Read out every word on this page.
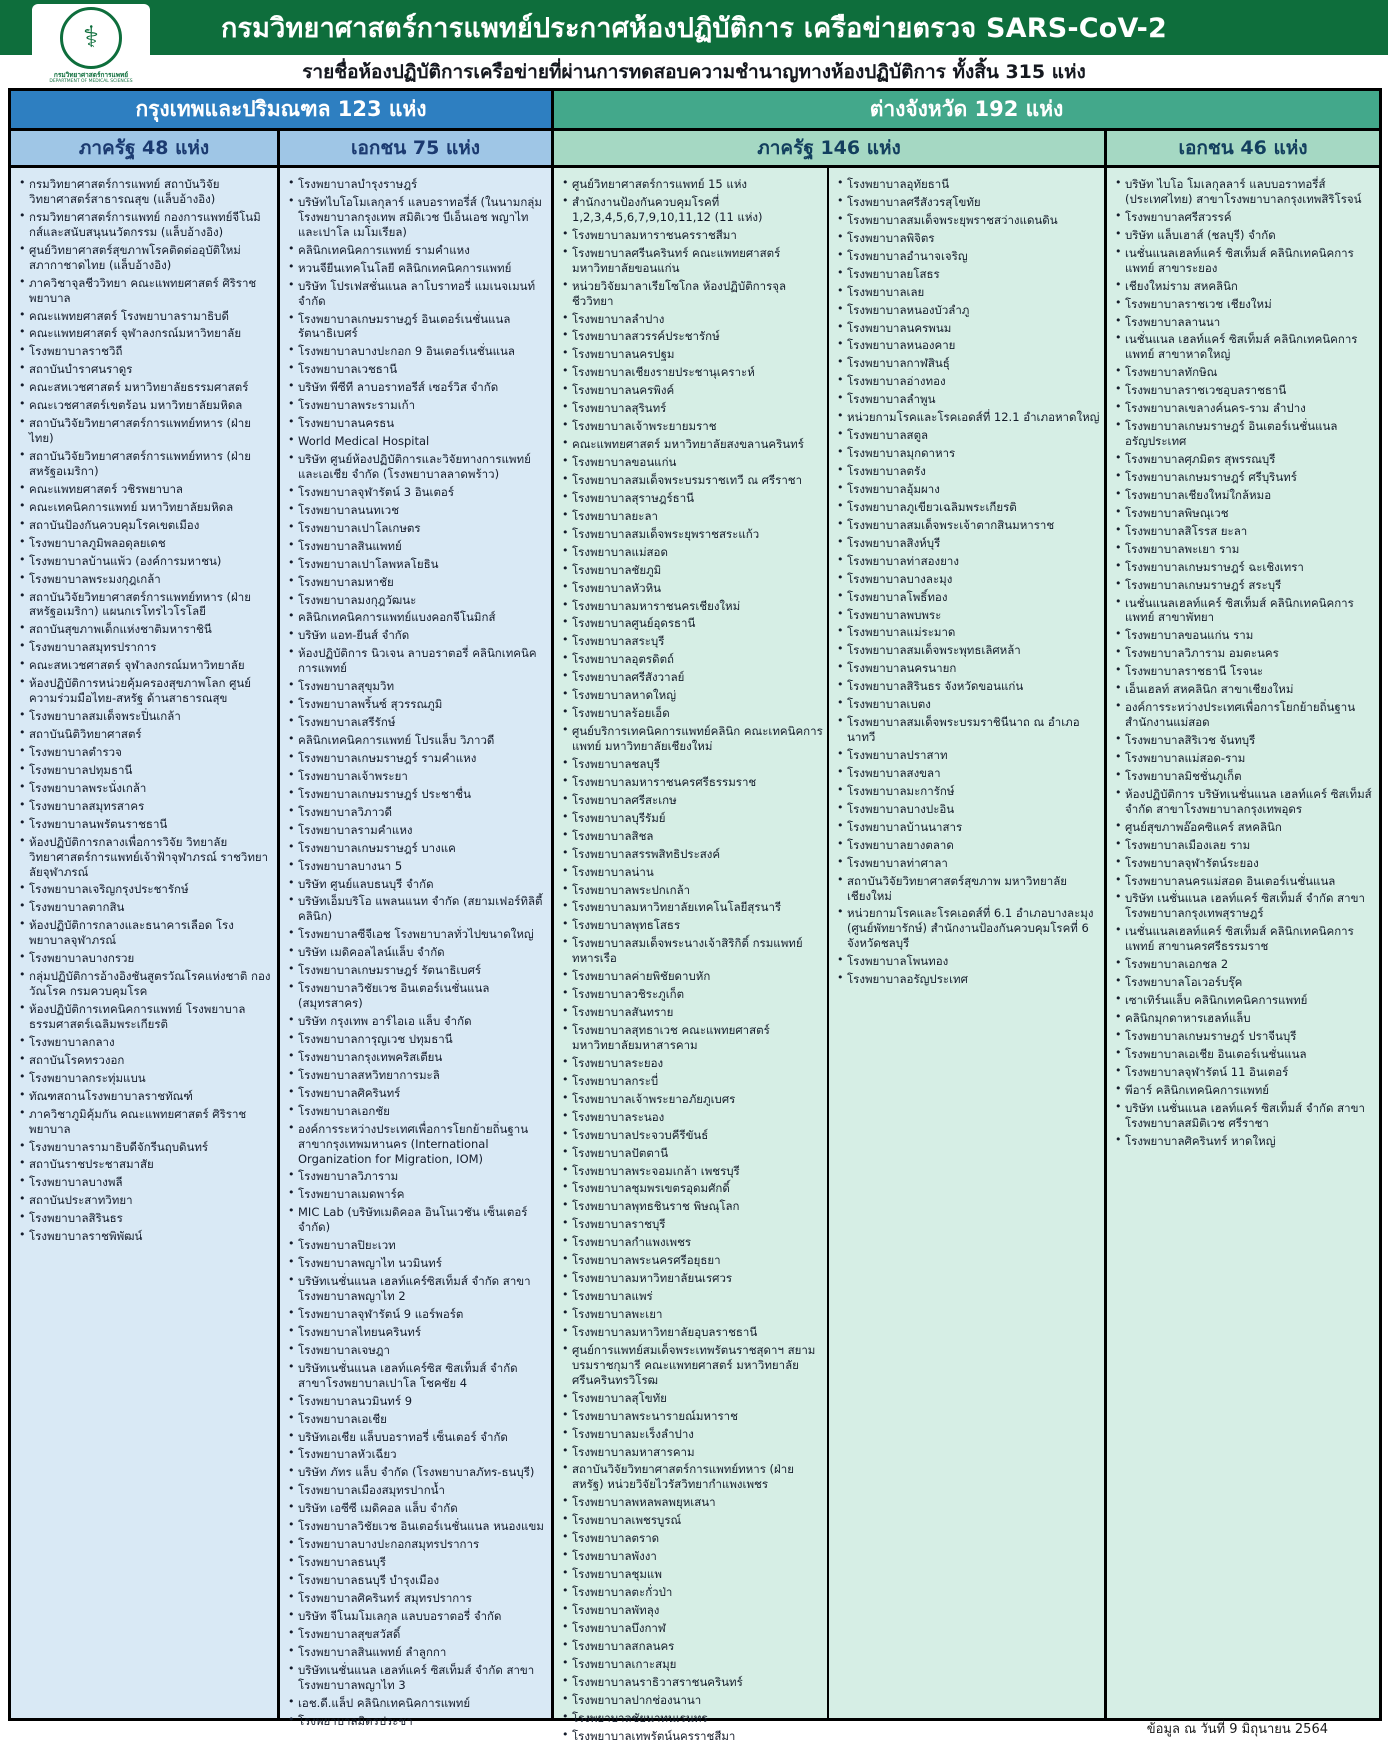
⚕
กรมวิทยาศาสตร์การแพทย์
DEPARTMENT OF MEDICAL SCIENCES
กรมวิทยาศาสตร์การแพทย์ประกาศห้องปฏิบัติการ เครือข่ายตรวจ SARS-CoV-2
รายชื่อห้องปฏิบัติการเครือข่ายที่ผ่านการทดสอบความชำนาญทางห้องปฏิบัติการ ทั้งสิ้น 315 แห่ง
กรุงเทพและปริมณฑล 123 แห่ง	ต่างจังหวัด 192 แห่ง
ภาครัฐ 48 แห่ง	เอกชน 75 แห่ง	ภาครัฐ 146 แห่ง	เอกชน 46 แห่ง
• กรมวิทยาศาสตร์การแพทย์ สถาบันวิจัยวิทยาศาสตร์สาธารณสุข (แล็บอ้างอิง)
• กรมวิทยาศาสตร์การแพทย์ กองการแพทย์จีโนมิกส์และสนับสนุนนวัตกรรม (แล็บอ้างอิง)
• ศูนย์วิทยาศาสตร์สุขภาพโรคติดต่ออุบัติใหม่ สภากาชาดไทย (แล็บอ้างอิง)
• ภาควิชาจุลชีววิทยา คณะแพทยศาสตร์ ศิริราชพยาบาล
• คณะแพทยศาสตร์ โรงพยาบาลรามาธิบดี
• คณะแพทยศาสตร์ จุฬาลงกรณ์มหาวิทยาลัย
• โรงพยาบาลราชวิถี
• สถาบันบำราศนราดูร
• คณะสหเวชศาสตร์ มหาวิทยาลัยธรรมศาสตร์
• คณะเวชศาสตร์เขตร้อน มหาวิทยาลัยมหิดล
• สถาบันวิจัยวิทยาศาสตร์การแพทย์ทหาร (ฝ่ายไทย)
• สถาบันวิจัยวิทยาศาสตร์การแพทย์ทหาร (ฝ่ายสหรัฐอเมริกา)
• คณะแพทยศาสตร์ วชิรพยาบาล
• คณะเทคนิคการแพทย์ มหาวิทยาลัยมหิดล
• สถาบันป้องกันควบคุมโรคเขตเมือง
• โรงพยาบาลภูมิพลอดุลยเดช
• โรงพยาบาลบ้านแพ้ว (องค์การมหาชน)
• โรงพยาบาลพระมงกุฎเกล้า
• สถาบันวิจัยวิทยาศาสตร์การแพทย์ทหาร (ฝ่ายสหรัฐอเมริกา) แผนกเรโทรไวโรโลยี
• สถาบันสุขภาพเด็กแห่งชาติมหาราชินี
• โรงพยาบาลสมุทรปราการ
• คณะสหเวชศาสตร์ จุฬาลงกรณ์มหาวิทยาลัย
• ห้องปฏิบัติการหน่วยคุ้มครองสุขภาพโลก ศูนย์ความร่วมมือไทย-สหรัฐ ด้านสาธารณสุข
• โรงพยาบาลสมเด็จพระปิ่นเกล้า
• สถาบันนิติวิทยาศาสตร์
• โรงพยาบาลตำรวจ
• โรงพยาบาลปทุมธานี
• โรงพยาบาลพระนั่งเกล้า
• โรงพยาบาลสมุทรสาคร
• โรงพยาบาลนพรัตนราชธานี
• ห้องปฏิบัติการกลางเพื่อการวิจัย วิทยาลัยวิทยาศาสตร์การแพทย์เจ้าฟ้าจุฬาภรณ์ ราชวิทยาลัยจุฬาภรณ์
• โรงพยาบาลเจริญกรุงประชารักษ์
• โรงพยาบาลตากสิน
• ห้องปฏิบัติการกลางและธนาคารเลือด โรงพยาบาลจุฬาภรณ์
• โรงพยาบาลบางกรวย
• กลุ่มปฏิบัติการอ้างอิงชันสูตรวัณโรคแห่งชาติ กองวัณโรค กรมควบคุมโรค
• ห้องปฏิบัติการเทคนิคการแพทย์ โรงพยาบาลธรรมศาสตร์เฉลิมพระเกียรติ
• โรงพยาบาลกลาง
• สถาบันโรคทรวงอก
• โรงพยาบาลกระทุ่มแบน
• ทัณฑสถานโรงพยาบาลราชทัณฑ์
• ภาควิชาภูมิคุ้มกัน คณะแพทยศาสตร์ ศิริราชพยาบาล
• โรงพยาบาลรามาธิบดีจักรีนฤบดินทร์
• สถาบันราชประชาสมาสัย
• โรงพยาบาลบางพลี
• สถาบันประสาทวิทยา
• โรงพยาบาลสิรินธร
• โรงพยาบาลราชพิพัฒน์
• โรงพยาบาลบำรุงราษฎร์
• บริษัทไบโอโมเลกุลาร์ แลบอราทอรี่ส์ (ในนามกลุ่มโรงพยาบาลกรุงเทพ สมิติเวช บีเอ็นเอช พญาไท และเปาโล เมโมเรียล)
• คลินิกเทคนิคการแพทย์ รามคำแหง
• หวนจียีนเทคโนโลยี คลินิกเทคนิคการแพทย์
• บริษัท โปรเฟสชั่นแนล ลาโบราทอรี่ แมเนจเมนท์ จำกัด
• โรงพยาบาลเกษมราษฎร์ อินเตอร์เนชั่นแนล รัตนาธิเบศร์
• โรงพยาบาลบางปะกอก 9 อินเตอร์เนชั่นแนล
• โรงพยาบาลเวชธานี
• บริษัท พีซีที ลาบอราทอรีส์ เซอร์วิส จำกัด
• โรงพยาบาลพระรามเก้า
• โรงพยาบาลนครธน
• World Medical Hospital
• บริษัท ศูนย์ห้องปฏิบัติการและวิจัยทางการแพทย์และเอเชีย จำกัด (โรงพยาบาลลาดพร้าว)
• โรงพยาบาลจุฬารัตน์ 3 อินเตอร์
• โรงพยาบาลนนทเวช
• โรงพยาบาลเปาโลเกษตร
• โรงพยาบาลสินแพทย์
• โรงพยาบาลเปาโลพหลโยธิน
• โรงพยาบาลมหาชัย
• โรงพยาบาลมงกุฎวัฒนะ
• คลินิกเทคนิคการแพทย์แบงคอกจีโนมิกส์
• บริษัท แอท-ยีนส์ จำกัด
• ห้องปฏิบัติการ นิวเจน ลาบอราตอรี่ คลินิกเทคนิคการแพทย์
• โรงพยาบาลสุขุมวิท
• โรงพยาบาลพริ้นซ์ สุวรรณภูมิ
• โรงพยาบาลเสรีรักษ์
• คลินิกเทคนิคการแพทย์ โปรแล็บ วิภาวดี
• โรงพยาบาลเกษมราษฎร์ รามคำแหง
• โรงพยาบาลเจ้าพระยา
• โรงพยาบาลเกษมราษฎร์ ประชาชื่น
• โรงพยาบาลวิภาวดี
• โรงพยาบาลรามคำแหง
• โรงพยาบาลเกษมราษฎร์ บางแค
• โรงพยาบาลบางนา 5
• บริษัท ศูนย์แลบธนบุรี จำกัด
• บริษัทเอ็มบริโอ แพลนแนท จำกัด (สยามเฟอร์ทิลิตี้ คลินิก)
• โรงพยาบาลซีจีเอช โรงพยาบาลทั่วไปขนาดใหญ่
• บริษัท เมดิคอลไลน์แล็บ จำกัด
• โรงพยาบาลเกษมราษฎร์ รัตนาธิเบศร์
• โรงพยาบาลวิชัยเวช อินเตอร์เนชั่นแนล (สมุทรสาคร)
• บริษัท กรุงเทพ อาร์ไอเอ แล็บ จำกัด
• โรงพยาบาลการุญเวช ปทุมธานี
• โรงพยาบาลกรุงเทพคริสเตียน
• โรงพยาบาลสหวิทยาการมะลิ
• โรงพยาบาลศิครินทร์
• โรงพยาบาลเอกชัย
• องค์การระหว่างประเทศเพื่อการโยกย้ายถิ่นฐาน สาขากรุงเทพมหานคร (International Organization for Migration, IOM)
• โรงพยาบาลวิภาราม
• โรงพยาบาลเมดพาร์ค
• MIC Lab (บริษัทเมดิคอล อินโนเวชัน เซ็นเตอร์ จำกัด)
• โรงพยาบาลปิยะเวท
• โรงพยาบาลพญาไท นวมินทร์
• บริษัทเนชั่นแนล เฮลท์แคร์ซิสเท็มส์ จำกัด สาขาโรงพยาบาลพญาไท 2
• โรงพยาบาลจุฬารัตน์ 9 แอร์พอร์ต
• โรงพยาบาลไทยนครินทร์
• โรงพยาบาลเจษฎา
• บริษัทเนชั่นแนล เฮลท์แคร์ซิส ซิสเท็มส์ จำกัด สาขาโรงพยาบาลเปาโล โชคชัย 4
• โรงพยาบาลนวมินทร์ 9
• โรงพยาบาลเอเชีย
• บริษัทเอเชีย แล็บบอราทอรี่ เซ็นเตอร์ จำกัด
• โรงพยาบาลหัวเฉียว
• บริษัท ภัทร แล็บ จำกัด (โรงพยาบาลภัทร-ธนบุรี)
• โรงพยาบาลเมืองสมุทรปากน้ำ
• บริษัท เอซีซี เมดิคอล แล็บ จำกัด
• โรงพยาบาลวิชัยเวช อินเตอร์เนชั่นแนล หนองแขม
• โรงพยาบาลบางปะกอกสมุทรปราการ
• โรงพยาบาลธนบุรี
• โรงพยาบาลธนบุรี บำรุงเมือง
• โรงพยาบาลศิครินทร์ สมุทรปราการ
• บริษัท จีโนมโมเลกุล แลบบอราตอรี่ จำกัด
• โรงพยาบาลสุขสวัสดิ์
• โรงพยาบาลสินแพทย์ ลำลูกกา
• บริษัทเนชั่นแนล เฮลท์แคร์ ซิสเท็มส์ จำกัด สาขา โรงพยาบาลพญาไท 3
• เอช.ดี.แล็ป คลินิกเทคนิคการแพทย์
• โรงพยาบาลมิตรประชา
• ศูนย์วิทยาศาสตร์การแพทย์ 15 แห่ง
• สำนักงานป้องกันควบคุมโรคที่ 1,2,3,4,5,6,7,9,10,11,12 (11 แห่ง)
• โรงพยาบาลมหาราชนครราชสีมา
• โรงพยาบาลศรีนครินทร์ คณะแพทยศาสตร์ มหาวิทยาลัยขอนแก่น
• หน่วยวิจัยมาลาเรียโซโกล ห้องปฏิบัติการจุลชีววิทยา
• โรงพยาบาลลำปาง
• โรงพยาบาลสวรรค์ประชารักษ์
• โรงพยาบาลนครปฐม
• โรงพยาบาลเชียงรายประชานุเคราะห์
• โรงพยาบาลนครพิงค์
• โรงพยาบาลสุรินทร์
• โรงพยาบาลเจ้าพระยายมราช
• คณะแพทยศาสตร์ มหาวิทยาลัยสงขลานครินทร์
• โรงพยาบาลขอนแก่น
• โรงพยาบาลสมเด็จพระบรมราชเทวี ณ ศรีราชา
• โรงพยาบาลสุราษฎร์ธานี
• โรงพยาบาลยะลา
• โรงพยาบาลสมเด็จพระยุพราชสระแก้ว
• โรงพยาบาลแม่สอด
• โรงพยาบาลชัยภูมิ
• โรงพยาบาลหัวหิน
• โรงพยาบาลมหาราชนครเชียงใหม่
• โรงพยาบาลศูนย์อุดรธานี
• โรงพยาบาลสระบุรี
• โรงพยาบาลอุตรดิตถ์
• โรงพยาบาลศรีสังวาลย์
• โรงพยาบาลหาดใหญ่
• โรงพยาบาลร้อยเอ็ด
• ศูนย์บริการเทคนิคการแพทย์คลินิก คณะเทคนิคการแพทย์ มหาวิทยาลัยเชียงใหม่
• โรงพยาบาลชลบุรี
• โรงพยาบาลมหาราชนครศรีธรรมราช
• โรงพยาบาลศรีสะเกษ
• โรงพยาบาลบุรีรัมย์
• โรงพยาบาลสิชล
• โรงพยาบาลสรรพสิทธิประสงค์
• โรงพยาบาลน่าน
• โรงพยาบาลพระปกเกล้า
• โรงพยาบาลมหาวิทยาลัยเทคโนโลยีสุรนารี
• โรงพยาบาลพุทธโสธร
• โรงพยาบาลสมเด็จพระนางเจ้าสิริกิติ์ กรมแพทย์ทหารเรือ
• โรงพยาบาลค่ายพิชัยดาบหัก
• โรงพยาบาลวชิระภูเก็ต
• โรงพยาบาลสันทราย
• โรงพยาบาลสุทธาเวช คณะแพทยศาสตร์ มหาวิทยาลัยมหาสารคาม
• โรงพยาบาลระยอง
• โรงพยาบาลกระบี่
• โรงพยาบาลเจ้าพระยาอภัยภูเบศร
• โรงพยาบาลระนอง
• โรงพยาบาลประจวบคีรีขันธ์
• โรงพยาบาลปัตตานี
• โรงพยาบาลพระจอมเกล้า เพชรบุรี
• โรงพยาบาลชุมพรเขตรอุดมศักดิ์
• โรงพยาบาลพุทธชินราช พิษณุโลก
• โรงพยาบาลราชบุรี
• โรงพยาบาลกำแพงเพชร
• โรงพยาบาลพระนครศรีอยุธยา
• โรงพยาบาลมหาวิทยาลัยนเรศวร
• โรงพยาบาลแพร่
• โรงพยาบาลพะเยา
• โรงพยาบาลมหาวิทยาลัยอุบลราชธานี
• ศูนย์การแพทย์สมเด็จพระเทพรัตนราชสุดาฯ สยามบรมราชกุมารี คณะแพทยศาสตร์ มหาวิทยาลัยศรีนครินทรวิโรฒ
• โรงพยาบาลสุโขทัย
• โรงพยาบาลพระนารายณ์มหาราช
• โรงพยาบาลมะเร็งลำปาง
• โรงพยาบาลมหาสารคาม
• สถาบันวิจัยวิทยาศาสตร์การแพทย์ทหาร (ฝ่ายสหรัฐ) หน่วยวิจัยไวรัสวิทยากำแพงเพชร
• โรงพยาบาลพหลพลพยุหเสนา
• โรงพยาบาลเพชรบูรณ์
• โรงพยาบาลตราด
• โรงพยาบาลพังงา
• โรงพยาบาลชุมแพ
• โรงพยาบาลตะกั่วป่า
• โรงพยาบาลพัทลุง
• โรงพยาบาลบึงกาฬ
• โรงพยาบาลสกลนคร
• โรงพยาบาลเกาะสมุย
• โรงพยาบาลนราธิวาสราชนครินทร์
• โรงพยาบาลปากช่องนานา
• โรงพยาบาลชัยนาทนเรนทร
• โรงพยาบาลเทพรัตน์นครราชสีมา
• โรงพยาบาลอุทัยธานี
• โรงพยาบาลศรีสังวรสุโขทัย
• โรงพยาบาลสมเด็จพระยุพราชสว่างแดนดิน
• โรงพยาบาลพิจิตร
• โรงพยาบาลอำนาจเจริญ
• โรงพยาบาลยโสธร
• โรงพยาบาลเลย
• โรงพยาบาลหนองบัวลำภู
• โรงพยาบาลนครพนม
• โรงพยาบาลหนองคาย
• โรงพยาบาลกาฬสินธุ์
• โรงพยาบาลอ่างทอง
• โรงพยาบาลลำพูน
• หน่วยกามโรคและโรคเอดส์ที่ 12.1 อำเภอหาดใหญ่
• โรงพยาบาลสตูล
• โรงพยาบาลมุกดาหาร
• โรงพยาบาลตรัง
• โรงพยาบาลอุ้มผาง
• โรงพยาบาลภูเขียวเฉลิมพระเกียรติ
• โรงพยาบาลสมเด็จพระเจ้าตากสินมหาราช
• โรงพยาบาลสิงห์บุรี
• โรงพยาบาลท่าสองยาง
• โรงพยาบาลบางละมุง
• โรงพยาบาลโพธิ์ทอง
• โรงพยาบาลพบพระ
• โรงพยาบาลแม่ระมาด
• โรงพยาบาลสมเด็จพระพุทธเลิศหล้า
• โรงพยาบาลนครนายก
• โรงพยาบาลสิรินธร จังหวัดขอนแก่น
• โรงพยาบาลเบตง
• โรงพยาบาลสมเด็จพระบรมราชินีนาถ ณ อำเภอนาทวี
• โรงพยาบาลปราสาท
• โรงพยาบาลสงขลา
• โรงพยาบาลมะการักษ์
• โรงพยาบาลบางปะอิน
• โรงพยาบาลบ้านนาสาร
• โรงพยาบาลยางตลาด
• โรงพยาบาลท่าศาลา
• สถาบันวิจัยวิทยาศาสตร์สุขภาพ มหาวิทยาลัยเชียงใหม่
• หน่วยกามโรคและโรคเอดส์ที่ 6.1 อำเภอบางละมุง (ศูนย์พัทยารักษ์) สำนักงานป้องกันควบคุมโรคที่ 6 จังหวัดชลบุรี
• โรงพยาบาลโพนทอง
• โรงพยาบาลอรัญประเทศ
• บริษัท ไบโอ โมเลกุลลาร์ แลบบอราทอรี่ส์ (ประเทศไทย) สาขาโรงพยาบาลกรุงเทพสิริโรจน์
• โรงพยาบาลศรีสวรรค์
• บริษัท แล็บเฮาส์ (ชลบุรี) จำกัด
• เนชั่นแนลเฮลท์แคร์ ซิสเท็มส์ คลินิกเทคนิคการแพทย์ สาขาระยอง
• เชียงใหม่ราม สหคลินิก
• โรงพยาบาลราชเวช เชียงใหม่
• โรงพยาบาลลานนา
• เนชั่นแนล เฮลท์แคร์ ซิสเท็มส์ คลินิกเทคนิคการแพทย์ สาขาหาดใหญ่
• โรงพยาบาลทักษิณ
• โรงพยาบาลราชเวชอุบลราชธานี
• โรงพยาบาลเขลางค์นคร-ราม ลำปาง
• โรงพยาบาลเกษมราษฎร์ อินเตอร์เนชั่นแนล อรัญประเทศ
• โรงพยาบาลศุภมิตร สุพรรณบุรี
• โรงพยาบาลเกษมราษฎร์ ศรีบุรินทร์
• โรงพยาบาลเชียงใหม่ใกล้หมอ
• โรงพยาบาลพิษณุเวช
• โรงพยาบาลสิโรรส ยะลา
• โรงพยาบาลพะเยา ราม
• โรงพยาบาลเกษมราษฎร์ ฉะเชิงเทรา
• โรงพยาบาลเกษมราษฎร์ สระบุรี
• เนชั่นแนลเฮลท์แคร์ ซิสเท็มส์ คลินิกเทคนิคการแพทย์ สาขาพัทยา
• โรงพยาบาลขอนแก่น ราม
• โรงพยาบาลวิภาราม อมตะนคร
• โรงพยาบาลราชธานี โรจนะ
• เอ็นเฮลท์ สหคลินิก สาขาเชียงใหม่
• องค์การระหว่างประเทศเพื่อการโยกย้ายถิ่นฐาน สำนักงานแม่สอด
• โรงพยาบาลสิริเวช จันทบุรี
• โรงพยาบาลแม่สอด-ราม
• โรงพยาบาลมิชชั่นภูเก็ต
• ห้องปฏิบัติการ บริษัทเนชั่นแนล เฮลท์แคร์ ซิสเท็มส์ จำกัด สาขาโรงพยาบาลกรุงเทพอุดร
• ศูนย์สุขภาพอ๊อคซิแคร์ สหคลินิก
• โรงพยาบาลเมืองเลย ราม
• โรงพยาบาลจุฬารัตน์ระยอง
• โรงพยาบาลนครแม่สอด อินเตอร์เนชั่นแนล
• บริษัท เนชั่นแนล เฮลท์แคร์ ซิสเท็มส์ จำกัด สาขาโรงพยาบาลกรุงเทพสุราษฎร์
• เนชั่นแนลเฮลท์แคร์ ซิสเท็มส์ คลินิกเทคนิคการแพทย์ สาขานครศรีธรรมราช
• โรงพยาบาลเอกชล 2
• โรงพยาบาลโอเวอร์บรุ๊ค
• เซาเทิร์นแล็บ คลินิกเทคนิคการแพทย์
• คลินิกมุกดาหารเฮลท์แล็บ
• โรงพยาบาลเกษมราษฎร์ ปราจีนบุรี
• โรงพยาบาลเอเชีย อินเตอร์เนชั่นแนล
• โรงพยาบาลจุฬารัตน์ 11 อินเตอร์
• พีอาร์ คลินิกเทคนิคการแพทย์
• บริษัท เนชั่นแนล เฮลท์แคร์ ซิสเท็มส์ จำกัด สาขาโรงพยาบาลสมิติเวช ศรีราชา
• โรงพยาบาลศิครินทร์ หาดใหญ่
ข้อมูล ณ วันที่ 9 มิถุนายน 2564
